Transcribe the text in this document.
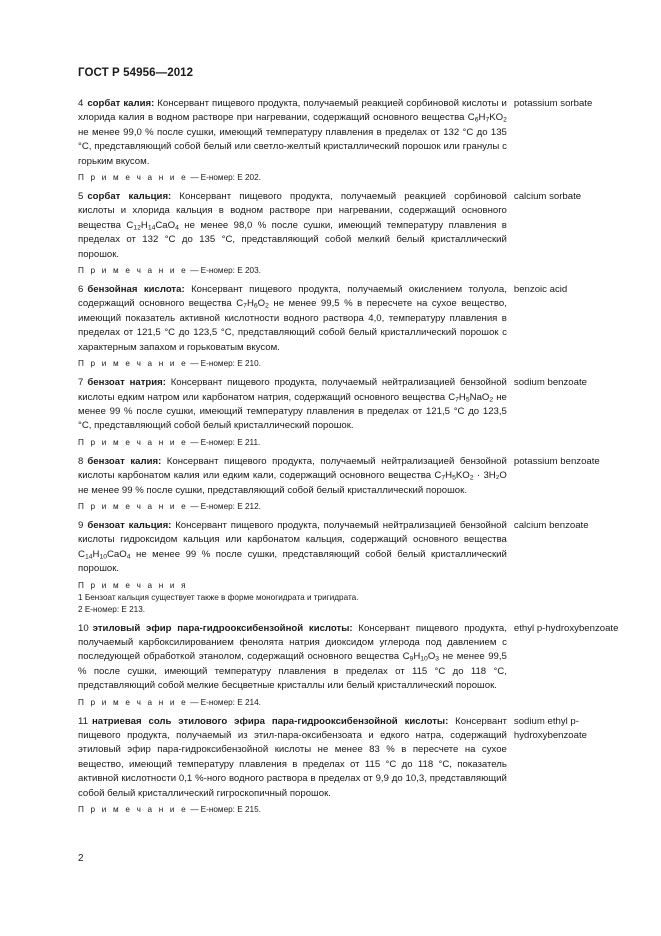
ГОСТ Р 54956—2012
4 сорбат калия: Консервант пищевого продукта, получаемый реакцией сорбиновой кислоты и хлорида калия в водном растворе при нагревании, содержащий основного вещества $C_6H_7KO_2$ не менее 99,0 % после сушки, имеющий температуру плавления в пределах от 132 °С до 135 °С, представляющий собой белый или светло-желтый кристаллический порошок или гранулы с горьким вкусом.
potassium sorbate
П р и м е ч а н и е — Е-номер: Е 202.
5 сорбат кальция: Консервант пищевого продукта, получаемый реакцией сорбиновой кислоты и хлорида кальция в водном растворе при нагревании, содержащий основного вещества $C_{12}H_{14}CaO_4$ не менее 98,0 % после сушки, имеющий температуру плавления в пределах от 132 °С до 135 °С, представляющий собой мелкий белый кристаллический порошок.
calcium sorbate
П р и м е ч а н и е — Е-номер: Е 203.
6 бензойная кислота: Консервант пищевого продукта, получаемый окислением толуола, содержащий основного вещества $C_7H_6O_2$ не менее 99,5 % в пересчете на сухое вещество, имеющий показатель активной кислотности водного раствора 4,0, температуру плавления в пределах от 121,5 °С до 123,5 °С, представляющий собой белый кристаллический порошок с характерным запахом и горьковатым вкусом.
benzoic acid
П р и м е ч а н и е — Е-номер: Е 210.
7 бензоат натрия: Консервант пищевого продукта, получаемый нейтрализацией бензойной кислоты едким натром или карбонатом натрия, содержащий основного вещества $C_7H_5NaO_2$ не менее 99 % после сушки, имеющий температуру плавления в пределах от 121,5 °С до 123,5 °С, представляющий собой белый кристаллический порошок.
sodium benzoate
П р и м е ч а н и е — Е-номер: Е 211.
8 бензоат калия: Консервант пищевого продукта, получаемый нейтрализацией бензойной кислоты карбонатом калия или едким кали, содержащий основного вещества $C_7H_5KO_2 \cdot 3H_2O$ не менее 99 % после сушки, представляющий собой белый кристаллический порошок.
potassium benzoate
П р и м е ч а н и е — Е-номер: Е 212.
9 бензоат кальция: Консервант пищевого продукта, получаемый нейтрализацией бензойной кислоты гидроксидом кальция или карбонатом кальция, содержащий основного вещества $C_{14}H_{10}CaO_4$ не менее 99 % после сушки, представляющий собой белый кристаллический порошок.
calcium benzoate
П р и м е ч а н и я
1 Бензоат кальция существует также в форме моногидрата и тригидрата.
2 Е-номер: Е 213.
10 этиловый эфир пара-гидрооксибензойной кислоты: Консервант пищевого продукта, получаемый карбоксилированием фенолята натрия диоксидом углерода под давлением с последующей обработкой этанолом, содержащий основного вещества $C_9H_{10}O_3$ не менее 99,5 % после сушки, имеющий температуру плавления в пределах от 115 °С до 118 °С, представляющий собой мелкие бесцветные кристаллы или белый кристаллический порошок.
ethyl p-hydroxybenzoate
П р и м е ч а н и е — Е-номер: Е 214.
11 натриевая соль этилового эфира пара-гидрооксибензойной кислоты: Консервант пищевого продукта, получаемый из этил-пара-оксибензоата и едкого натра, содержащий этиловый эфир пара-гидроксибензойной кислоты не менее 83 % в пересчете на сухое вещество, имеющий температуру плавления в пределах от 115 °С до 118 °С, показатель активной кислотности 0,1 %-ного водного раствора в пределах от 9,9 до 10,3, представляющий собой белый кристаллический гигроскопичный порошок.
sodium ethyl p-hydroxybenzoate
П р и м е ч а н и е — Е-номер: Е 215.
2
